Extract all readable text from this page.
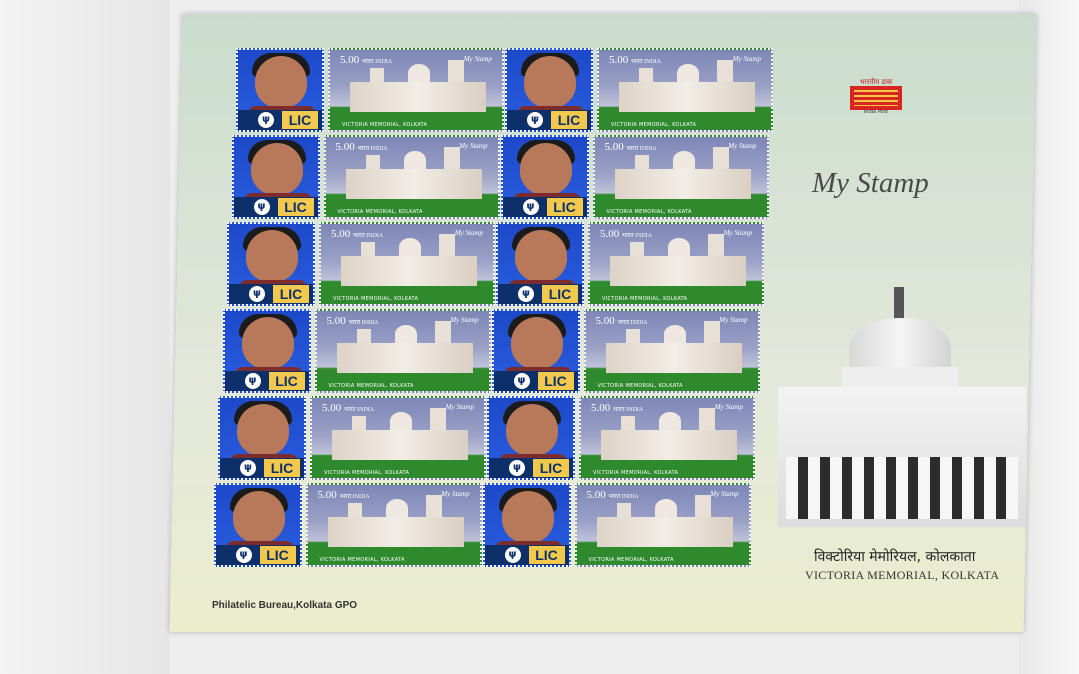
ψ	LIC
5.00 भारत INDIA	My Stamp
VICTORIA MEMORIAL, KOLKATA	ψ	LIC
5.00 भारत INDIA	My Stamp
VICTORIA MEMORIAL, KOLKATA
ψ	LIC
5.00 भारत INDIA	My Stamp
VICTORIA MEMORIAL, KOLKATA	ψ	LIC
5.00 भारत INDIA	My Stamp
VICTORIA MEMORIAL, KOLKATA
ψ	LIC
5.00 भारत INDIA	My Stamp
VICTORIA MEMORIAL, KOLKATA	ψ	LIC
5.00 भारत INDIA	My Stamp
VICTORIA MEMORIAL, KOLKATA
ψ	LIC
5.00 भारत INDIA	My Stamp
VICTORIA MEMORIAL, KOLKATA	ψ	LIC
5.00 भारत INDIA	My Stamp
VICTORIA MEMORIAL, KOLKATA
ψ	LIC
5.00 भारत INDIA	My Stamp
VICTORIA MEMORIAL, KOLKATA	ψ	LIC
5.00 भारत INDIA	My Stamp
VICTORIA MEMORIAL, KOLKATA
ψ	LIC
5.00 भारत INDIA	My Stamp
VICTORIA MEMORIAL, KOLKATA	ψ	LIC
5.00 भारत INDIA	My Stamp
VICTORIA MEMORIAL, KOLKATA
भारतीय डाक
India Post
My Stamp
विक्टोरिया मेमोरियल, कोलकाता
VICTORIA MEMORIAL, KOLKATA
Philatelic Bureau,Kolkata GPO
